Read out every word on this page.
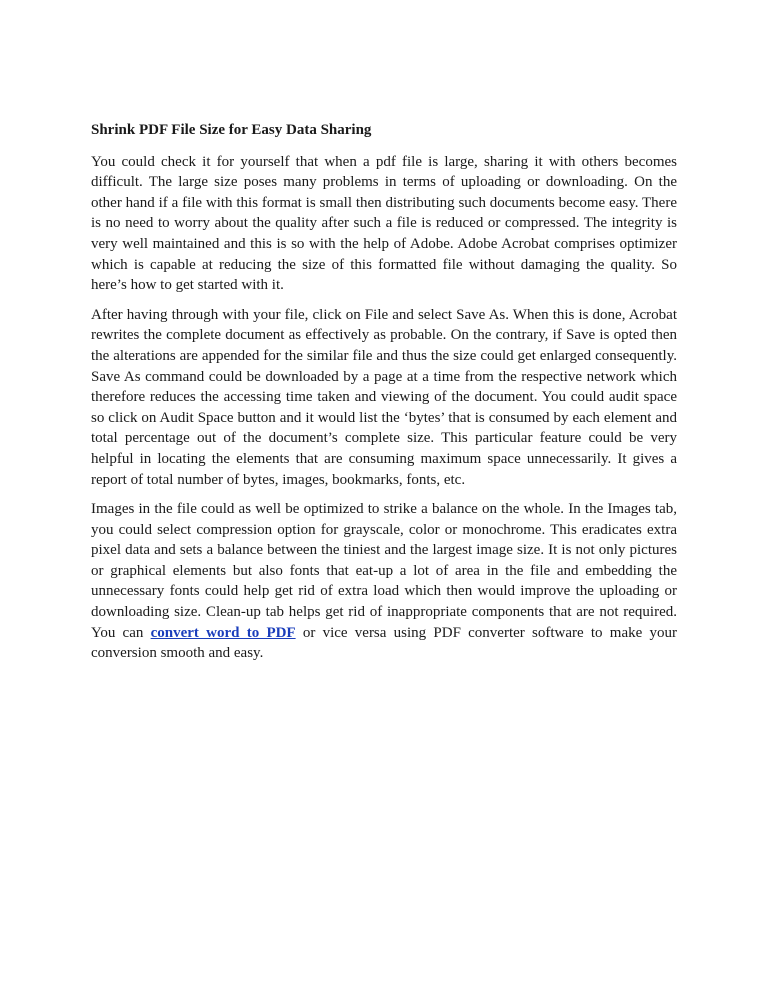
Shrink PDF File Size for Easy Data Sharing

You could check it for yourself that when a pdf file is large, sharing it with others becomes difficult. The large size poses many problems in terms of uploading or downloading. On the other hand if a file with this format is small then distributing such documents become easy. There is no need to worry about the quality after such a file is reduced or compressed. The integrity is very well maintained and this is so with the help of Adobe. Adobe Acrobat comprises optimizer which is capable at reducing the size of this formatted file without damaging the quality. So here’s how to get started with it.

After having through with your file, click on File and select Save As. When this is done, Acrobat rewrites the complete document as effectively as probable. On the contrary, if Save is opted then the alterations are appended for the similar file and thus the size could get enlarged consequently. Save As command could be downloaded by a page at a time from the respective network which therefore reduces the accessing time taken and viewing of the document. You could audit space so click on Audit Space button and it would list the ‘bytes’ that is consumed by each element and total percentage out of the document’s complete size. This particular feature could be very helpful in locating the elements that are consuming maximum space unnecessarily. It gives a report of total number of bytes, images, bookmarks, fonts, etc.

Images in the file could as well be optimized to strike a balance on the whole. In the Images tab, you could select compression option for grayscale, color or monochrome. This eradicates extra pixel data and sets a balance between the tiniest and the largest image size. It is not only pictures or graphical elements but also fonts that eat-up a lot of area in the file and embedding the unnecessary fonts could help get rid of extra load which then would improve the uploading or downloading size. Clean-up tab helps get rid of inappropriate components that are not required. You can convert word to PDF or vice versa using PDF converter software to make your conversion smooth and easy.
